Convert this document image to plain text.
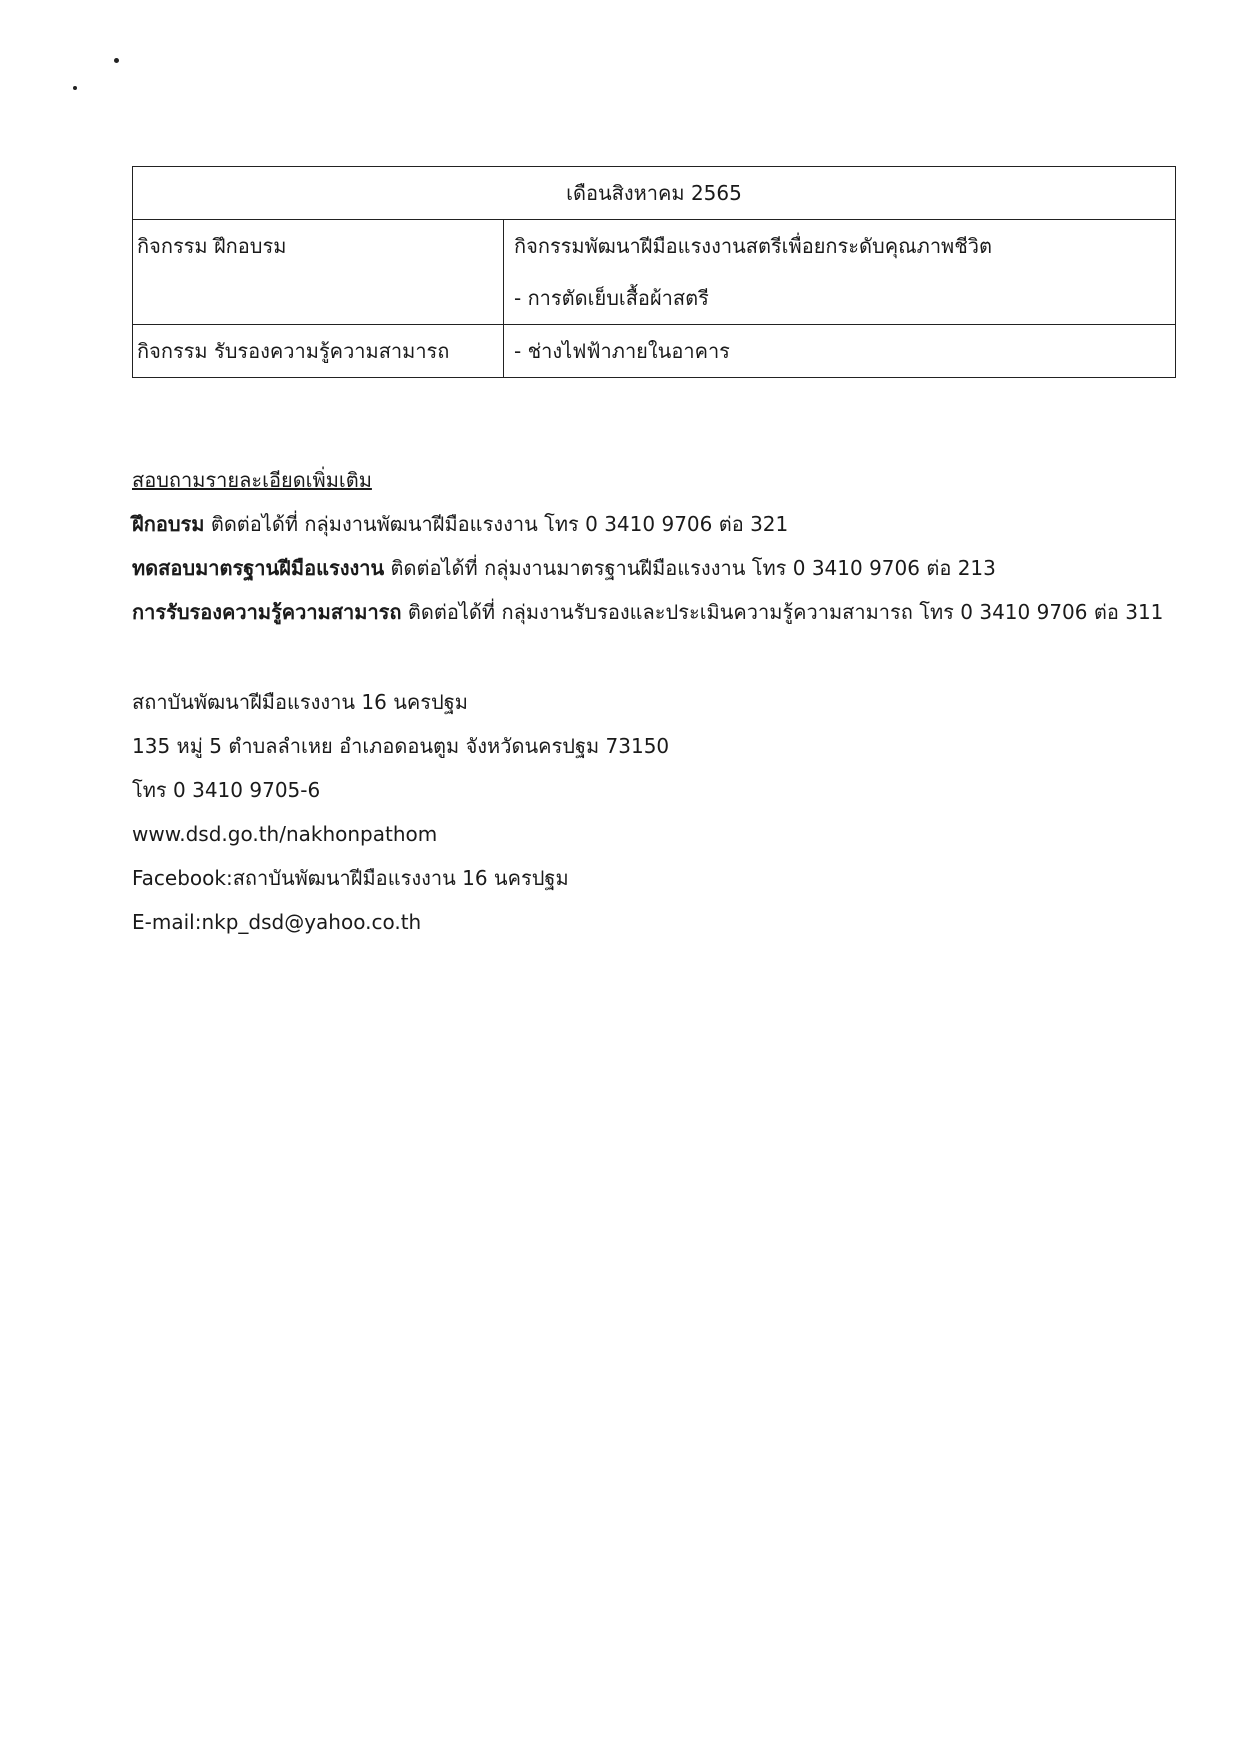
เดือนสิงหาคม 2565	
กิจกรรม ฝึกอบรม	กิจกรรมพัฒนาฝีมือแรงงานสตรีเพื่อยกระดับคุณภาพชีวิต
- การตัดเย็บเสื้อผ้าสตรี

กิจกรรม รับรองความรู้ความสามารถ	- ช่างไฟฟ้าภายในอาคาร
สอบถามรายละเอียดเพิ่มเติม
ฝึกอบรม ติดต่อได้ที่ กลุ่มงานพัฒนาฝีมือแรงงาน โทร 0 3410 9706 ต่อ 321
ทดสอบมาตรฐานฝีมือแรงงาน ติดต่อได้ที่ กลุ่มงานมาตรฐานฝีมือแรงงาน โทร 0 3410 9706 ต่อ 213
การรับรองความรู้ความสามารถ ติดต่อได้ที่ กลุ่มงานรับรองและประเมินความรู้ความสามารถ โทร 0 3410 9706 ต่อ 311
สถาบันพัฒนาฝีมือแรงงาน 16 นครปฐม
135 หมู่ 5 ตำบลลำเหย อำเภอดอนตูม จังหวัดนครปฐม 73150
โทร 0 3410 9705-6
www.dsd.go.th/nakhonpathom
Facebook:สถาบันพัฒนาฝีมือแรงงาน 16 นครปฐม
E-mail:nkp_dsd@yahoo.co.th
